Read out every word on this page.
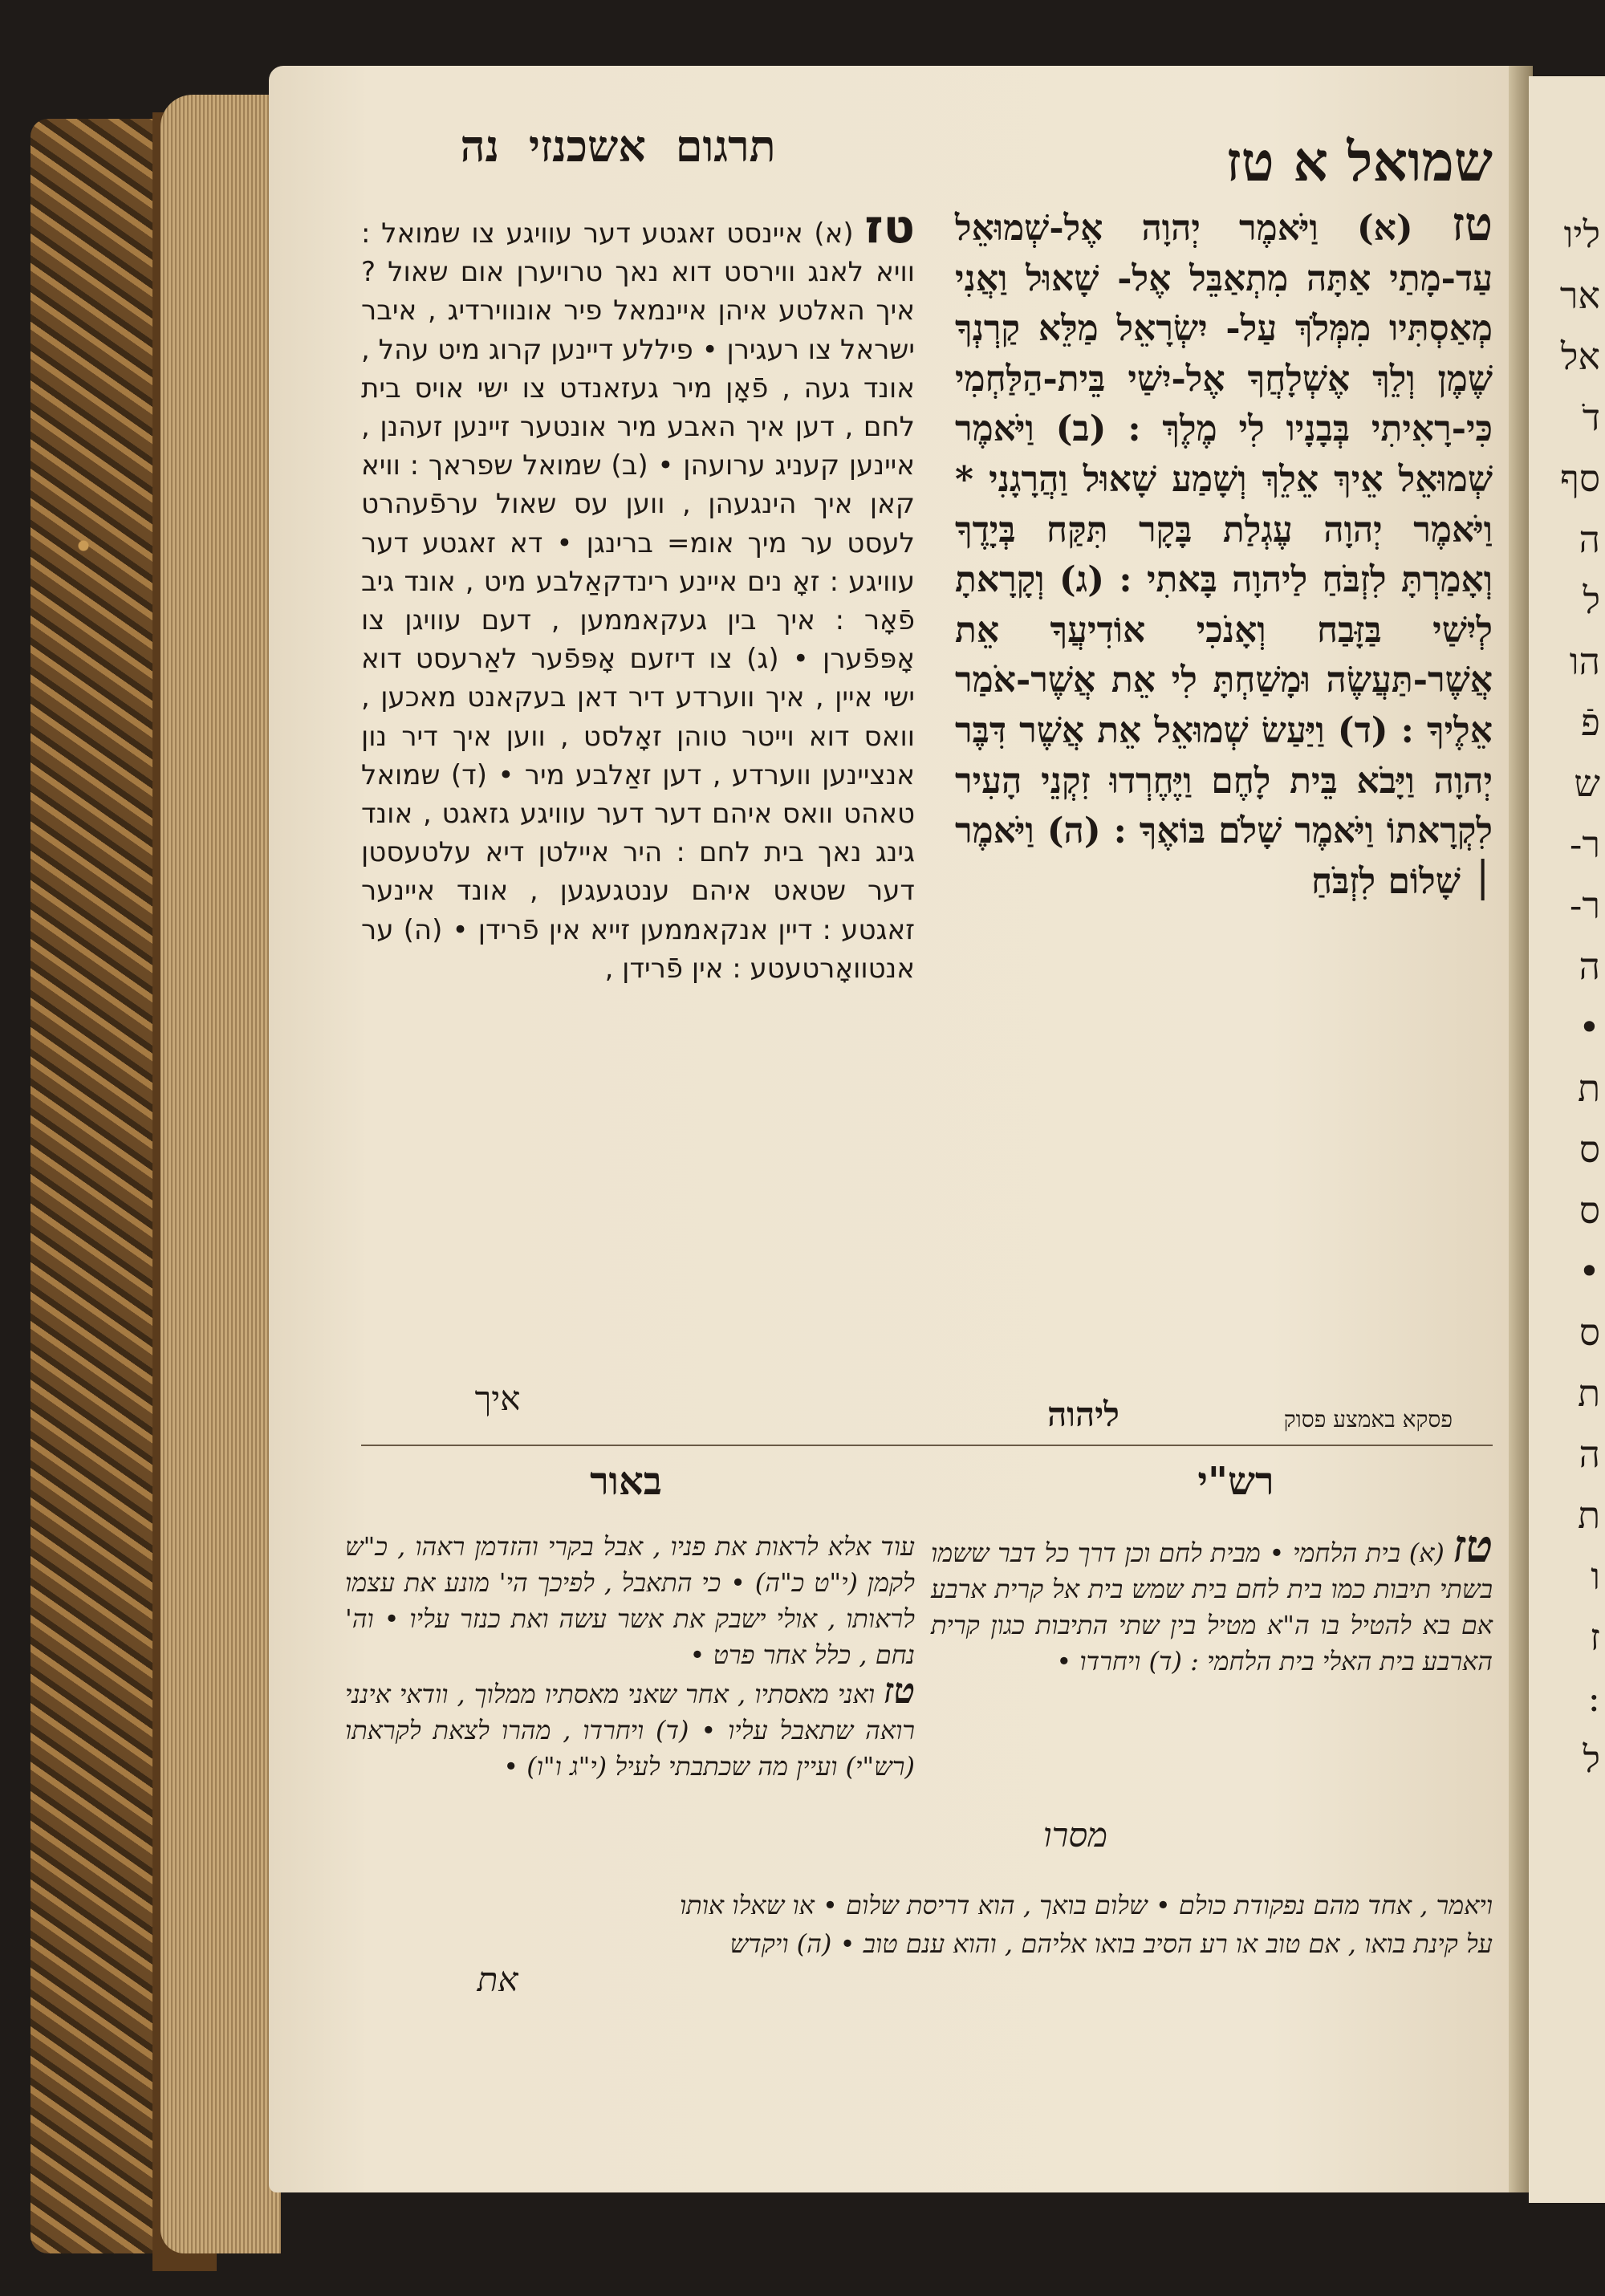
ליו
אר
אל
דֹ
סף
ה
ל
הו
פֿ
ש
ר-
ר-
ה
•
ת
ס
ס
•
ס
ת
ה
ת
ו
ז
:
ל
תרגום אשכנזי נה	שמואל א טז
טז (א) איינסט זאגטע דער עוויגע צו שמואל : וויא לאנג ווירסט דוא נאך טרויערן אום שאול ? איך האלטע איהן איינמאל פיר אונווירדיג , איבר ישראל צו רעגירן • פיללע דיינען קרוג מיט עהל , אונד געה , פֿאָן מיר געזאנדט צו ישי אויס בית לחם , דען איך האבע מיר אונטער זיינען זעהנן , איינען קעניג ערועהן • (ב) שמואל שפראך : וויא קאן איך הינגעהן , ווען עס שאול ערפֿעהרט לעסט ער מיך אומ= ברינגן • דא זאגטע דער עוויגע : זאָ נים איינע רינדקאַלבע מיט , אונד גיב פֿאָר : איך בין געקאממען , דעם עוויגן צו אָפּפֿערן • (ג) צו דיזעם אָפּפֿער לאַרעסט דוא ישי איין , איך ווערדע דיר דאן בעקאנט מאכען , וואס דוא וייטר טוהן זאָלסט , ווען איך דיר נון אנציינען ווערדע , דען זאַלבע מיר • (ד) שמואל טאהט וואס איהם דער דער עוויגע גזאגט , אונד גינג נאך בית לחם : היר איילטן דיא עלטעסטן דער שטאט איהם ענטגעגען , אונד איינער זאגטע : דיין אנקאממען זייא אין פֿרידן • (ה) ער אנטוואָרטעטע : אין פֿרידן ,
איך
טז (א) וַיֹּאמֶר יְהוָה אֶל-שְׁמוּאֵל עַד-מָתַי אַתָּה מִתְאַבֵּל אֶל- שָׁאוּל וַאֲנִי מְאַסְתִּיו מִמְּלֹךְ עַל- יִשְׂרָאֵל מַלֵּא קַרְנְךָ שֶׁמֶן וְלֵךְ אֶשְׁלָחֲךָ אֶל-יִשַׁי בֵּית-הַלַּחְמִי כִּי-רָאִיתִי בְּבָנָיו לִי מֶלֶךְ : (ב) וַיֹּאמֶר שְׁמוּאֵל אֵיךְ אֵלֵךְ וְשָׁמַע שָׁאוּל וַהֲרָגָנִי * וַיֹּאמֶר יְהוָה עֶגְלַת בָּקָר תִּקַּח בְּיָדֶךָ וְאָמַרְתָּ לִזְבֹּחַ לַיהוָה בָּאתִי : (ג) וְקָרָאתָ לְיִשַׁי בַּזָּבַח וְאָנֹכִי אוֹדִיעֲךָ אֵת אֲשֶׁר-תַּעֲשֶׂה וּמָשַׁחְתָּ לִי אֵת אֲשֶׁר-אֹמַר אֵלֶיךָ : (ד) וַיַּעַשׂ שְׁמוּאֵל אֵת אֲשֶׁר דִּבֶּר יְהוָה וַיָּבֹא בֵּית לָחֶם וַיֶּחֶרְדוּ זִקְנֵי הָעִיר לִקְרָאתוֹ וַיֹּאמֶר שָׁלֹם בּוֹאֶךָ : (ה) וַיֹּאמֶר ׀ שָׁלוֹם לִזְבֹּחַ
פסקא באמצע פסוק
ליהוה
באור
עוד אלא לראות את פניו , אבל בקרי והזדמן ראהו , כ"ש לקמן (י"ט כ"ה) • כי התאבל , לפיכך הי' מונע את עצמו לראותו , אולי ישבק את אשר עשה ואת כנזר עליו • וה' נחם , כלל אחר פרט •
טז ואני מאסתיו , אחר שאני מאסתיו ממלוך , וודאי אינני רואה שתאבל עליו • (ד) ויחרדו , מהרו לצאת לקראתו (רש"י) ועיין מה שכתבתי לעיל (י"ג ו"ו) •
רש"י
טז (א) בית הלחמי • מבית לחם וכן דרך כל דבר ששמו בשתי תיבות כמו בית לחם בית שמש בית אל קרית ארבע אם בא להטיל בו ה"א מטיל בין שתי התיבות כגון קרית הארבע בית האלי בית הלחמי : (ד) ויחרדו •
מסרו
ויאמר , אחד מהם נפקודת כולם • שלום בואך , הוא דריסת שלום • או שאלו אותו
על קינת בואו , אם טוב או רע הסיב בואו אליהם , והוא ענם טוב • (ה) ויקדש
את
